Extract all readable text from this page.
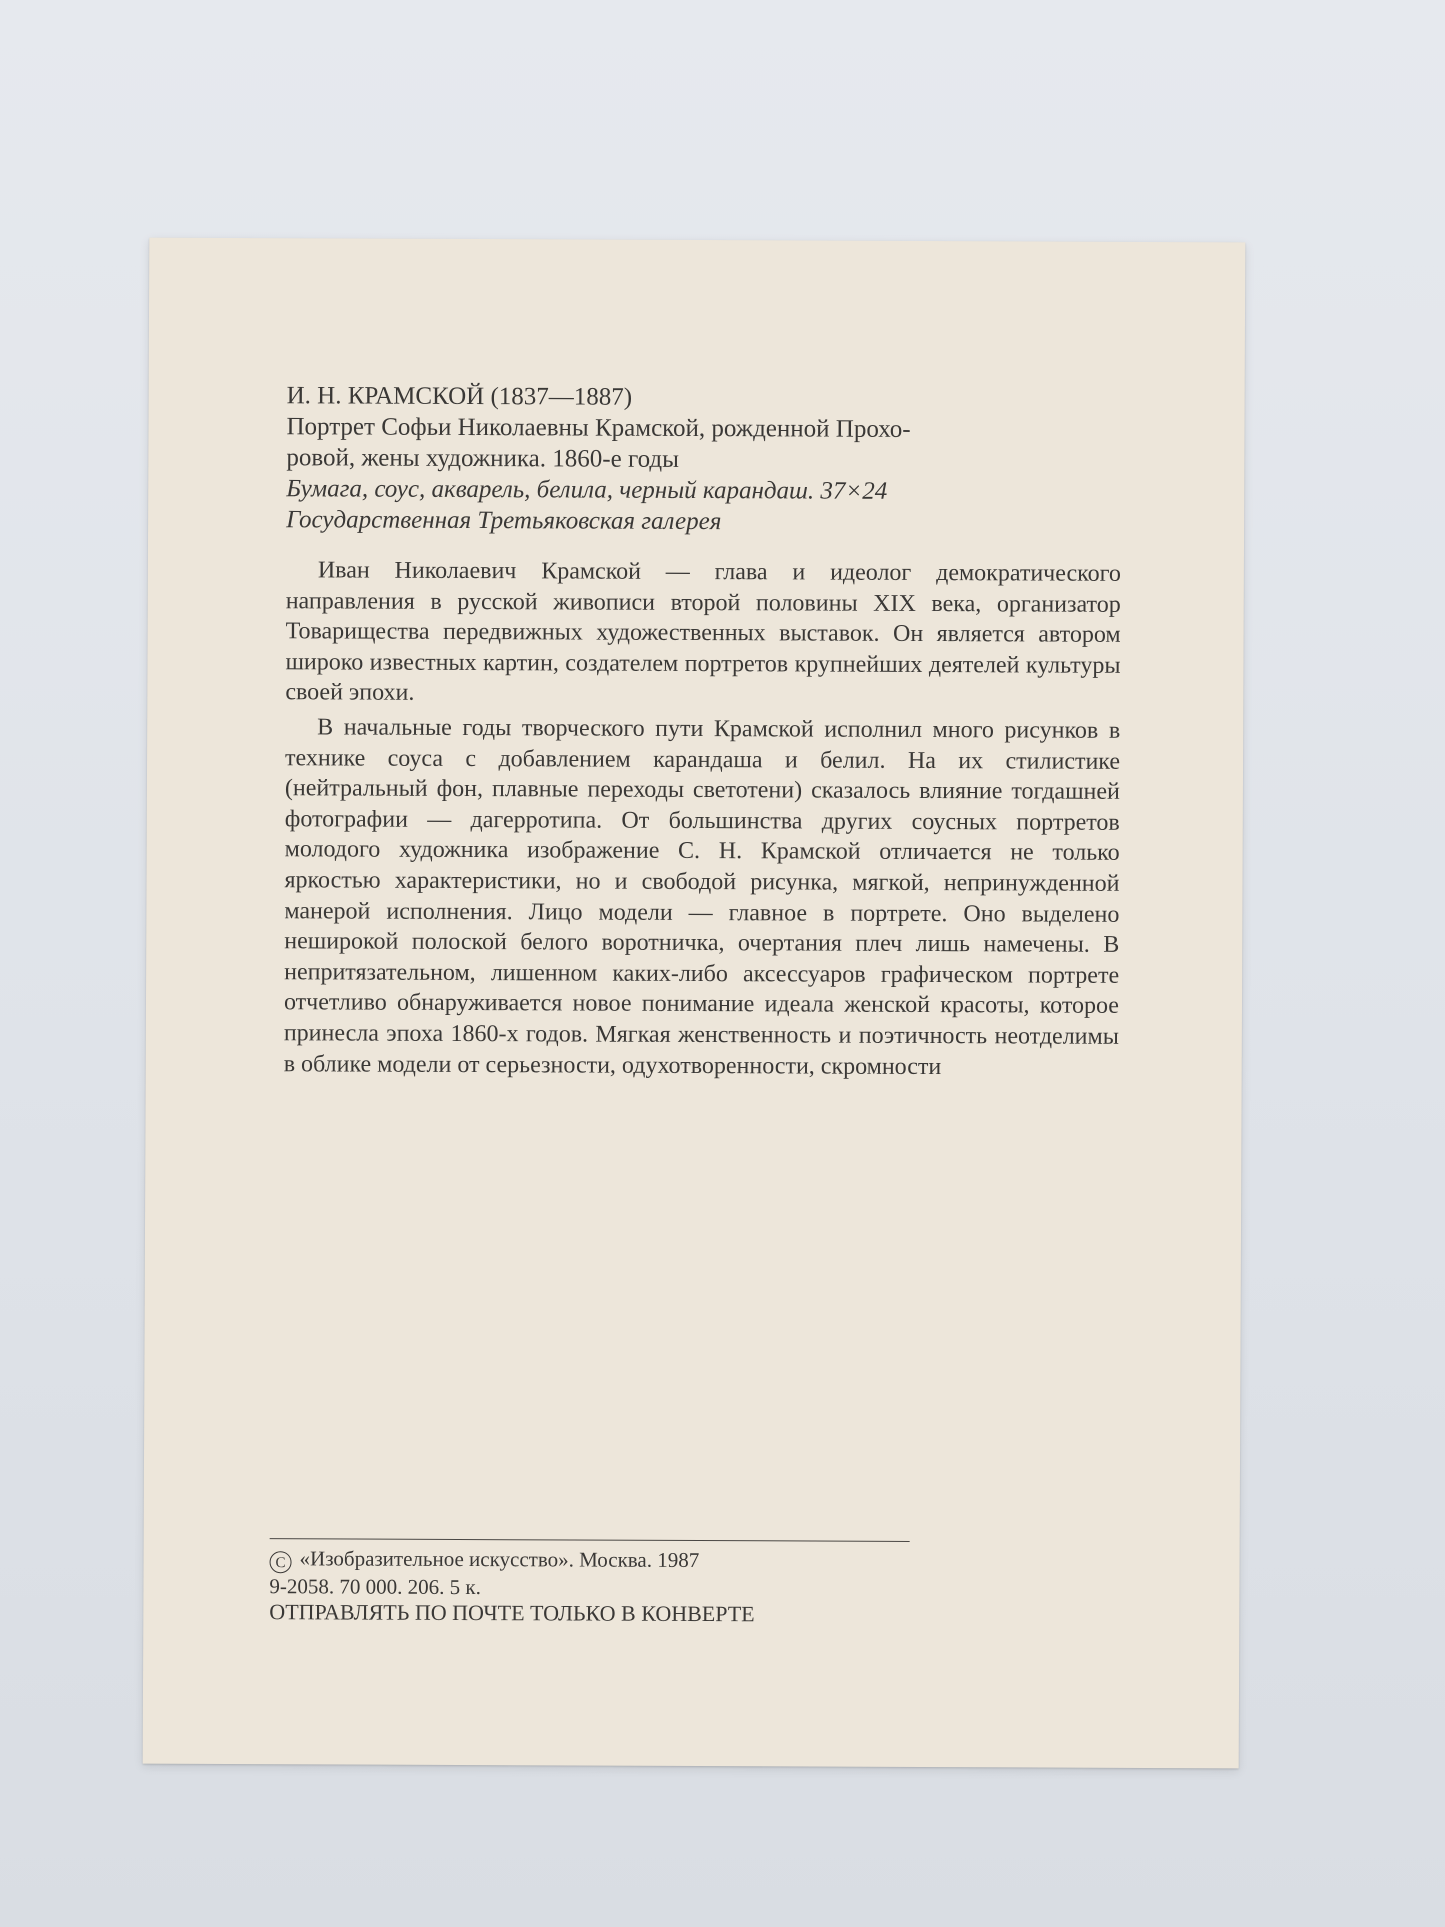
И. Н. КРАМСКОЙ (1837—1887)
Портрет Софьи Николаевны Крамской, рожденной Прохо-
ровой, жены художника. 1860-е годы
Бумага, соус, акварель, белила, черный карандаш. 37×24
Государственная Третьяковская галерея

Иван Николаевич Крамской — глава и идеолог демократического направления в русской живописи второй половины XIX века, организатор Товарищества передвижных художественных выставок. Он является автором широко известных картин, создателем портретов крупнейших деятелей культуры своей эпохи.

В начальные годы творческого пути Крамской исполнил много рисунков в технике соуса с добавлением карандаша и белил. На их стилистике (нейтральный фон, плавные переходы светотени) сказалось влияние тогдашней фотографии — дагерротипа. От большинства других соусных портретов молодого художника изображение С. Н. Крамской отличается не только яркостью характеристики, но и свободой рисунка, мягкой, непринужденной манерой исполнения. Лицо модели — главное в портрете. Оно выделено неширокой полоской белого воротничка, очертания плеч лишь намечены. В непритязательном, лишенном каких-либо аксессуаров графическом портрете отчетливо обнаруживается новое понимание идеала женской красоты, которое принесла эпоха 1860-х годов. Мягкая женственность и поэтичность неотделимы в облике модели от серьезности, одухотворенности, скромности

C «Изобразительное искусство». Москва. 1987
9-2058. 70 000. 206. 5 к.
ОТПРАВЛЯТЬ ПО ПОЧТЕ ТОЛЬКО В КОНВЕРТЕ
